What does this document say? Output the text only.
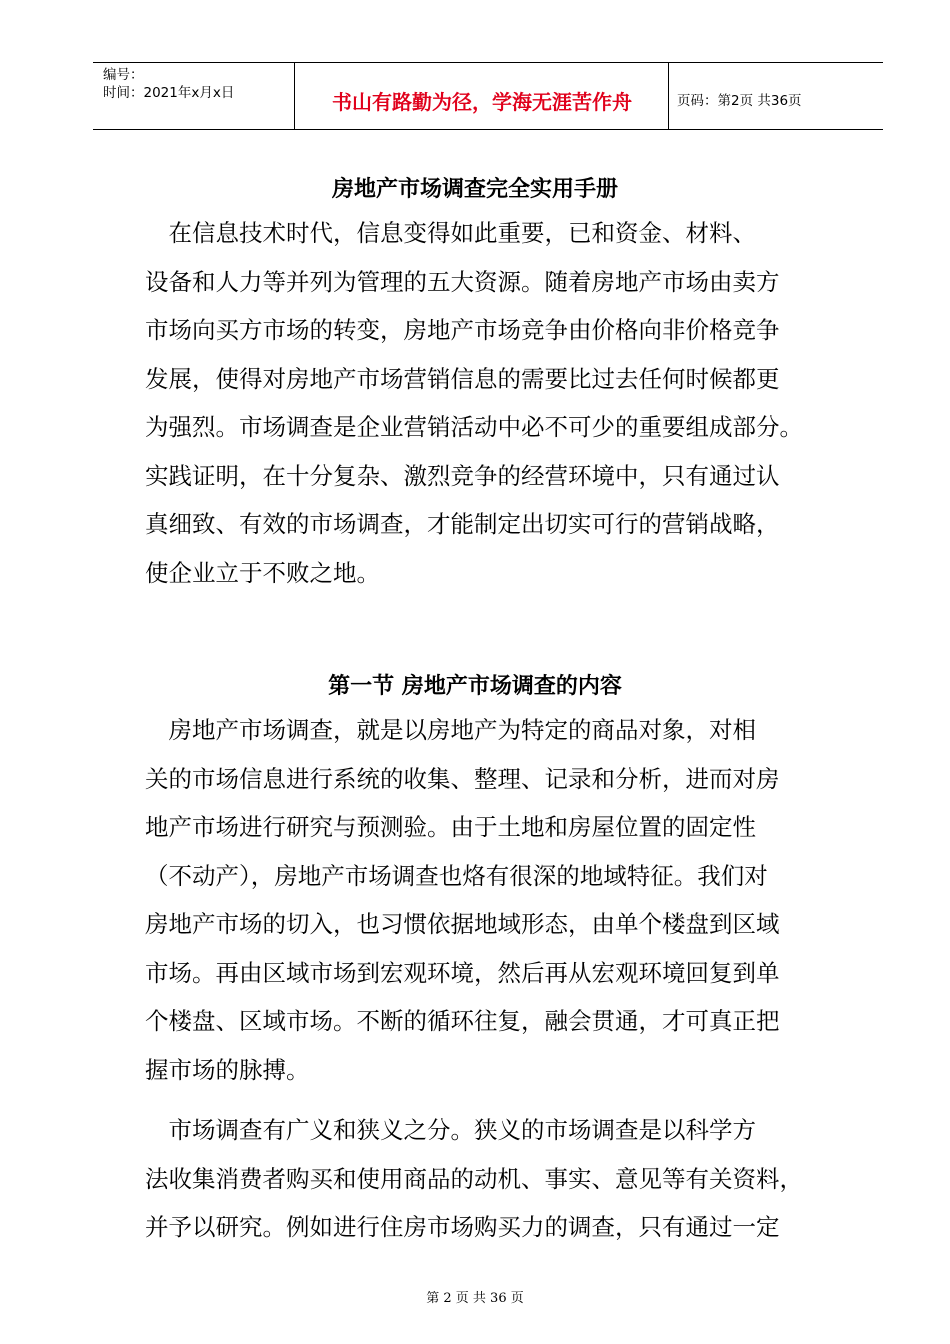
编号：
时间：2021年x月x日	书山有路勤为径，学海无涯苦作舟	页码：第2页 共36页
房地产市场调查完全实用手册
　在信息技术时代，信息变得如此重要，已和资金、材料、
设备和人力等并列为管理的五大资源。随着房地产市场由卖方
市场向买方市场的转变，房地产市场竞争由价格向非价格竞争
发展，使得对房地产市场营销信息的需要比过去任何时候都更
为强烈。市场调查是企业营销活动中必不可少的重要组成部分。
实践证明，在十分复杂、激烈竞争的经营环境中，只有通过认
真细致、有效的市场调查，才能制定出切实可行的营销战略，
使企业立于不败之地。
第一节 房地产市场调查的内容
　房地产市场调查，就是以房地产为特定的商品对象，对相
关的市场信息进行系统的收集、整理、记录和分析，进而对房
地产市场进行研究与预测验。由于土地和房屋位置的固定性
（不动产），房地产市场调查也烙有很深的地域特征。我们对
房地产市场的切入，也习惯依据地域形态，由单个楼盘到区域
市场。再由区域市场到宏观环境，然后再从宏观环境回复到单
个楼盘、区域市场。不断的循环往复，融会贯通，才可真正把
握市场的脉搏。
　市场调查有广义和狭义之分。狭义的市场调查是以科学方
法收集消费者购买和使用商品的动机、事实、意见等有关资料，
并予以研究。例如进行住房市场购买力的调查，只有通过一定
第 2 页 共 36 页
